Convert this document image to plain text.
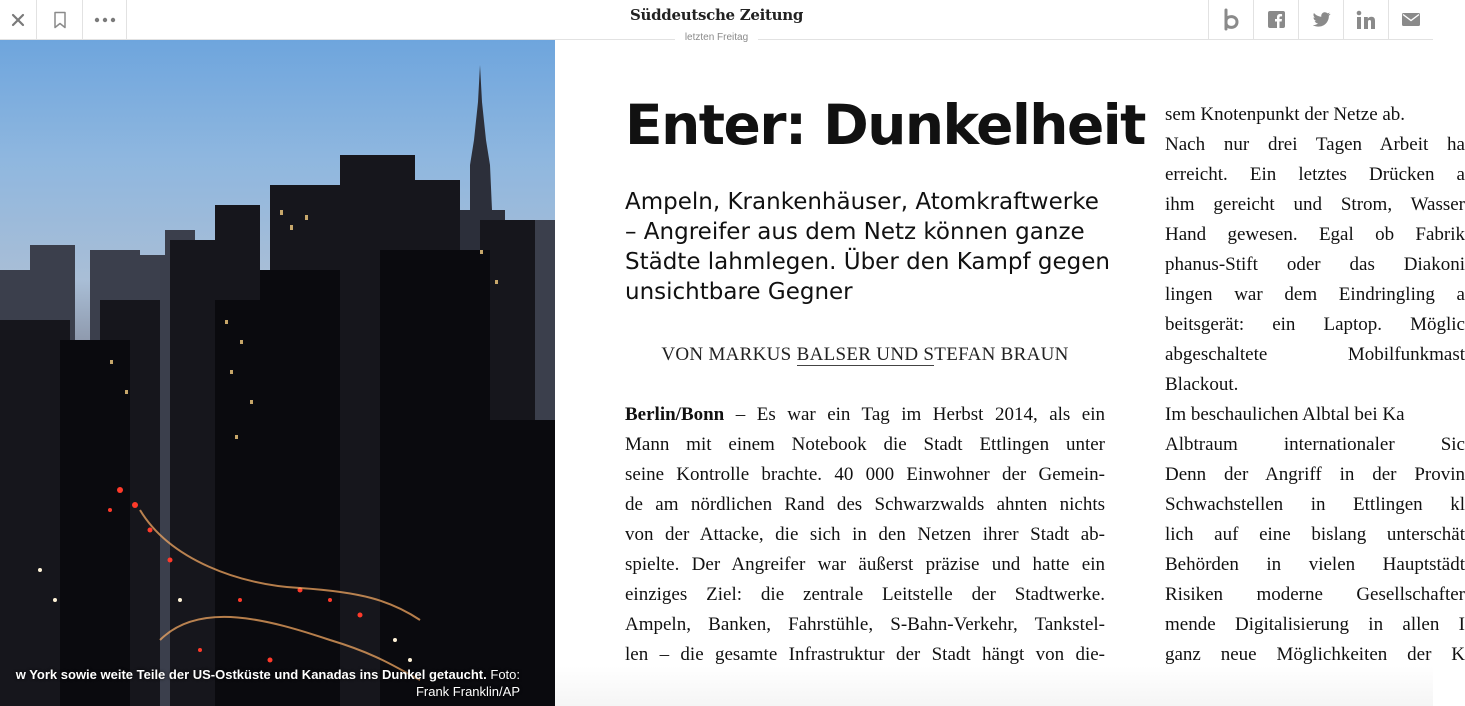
Süddeutsche Zeitung
letzten Freitag
w York sowie weite Teile der US-Ostküste und Kanadas ins Dunkel getaucht. Foto:
Frank Franklin/AP
Enter: Dunkelheit

Ampeln, Krankenhäuser, Atomkraftwerke – Angreifer aus dem Netz können ganze Städte lahmlegen. Über den Kampf gegen unsichtbare Gegner

VON MARKUS BALSER UND STEFAN BRAUN
Berlin/Bonn – Es war ein Tag im Herbst 2014, als ein
Mann mit einem Notebook die Stadt Ettlingen unter
seine Kontrolle brachte. 40 000 Einwohner der Gemein-
de am nördlichen Rand des Schwarzwalds ahnten nichts
von der Attacke, die sich in den Netzen ihrer Stadt ab-
spielte. Der Angreifer war äußerst präzise und hatte ein
einziges Ziel: die zentrale Leitstelle der Stadtwerke.
Ampeln, Banken, Fahrstühle, S-Bahn-Verkehr, Tankstel-
len – die gesamte Infrastruktur der Stadt hängt von die-
sem Knotenpunkt der Netze ab.
Nach nur drei Tagen Arbeit ha
erreicht. Ein letztes Drücken a
ihm gereicht und Strom, Wasser
Hand gewesen. Egal ob Fabrik
phanus-Stift oder das Diakoni
lingen war dem Eindringling a
beitsgerät: ein Laptop. Möglic
abgeschaltete Mobilfunkmast
Blackout.
Im beschaulichen Albtal bei Ka
Albtraum internationaler Sic
Denn der Angriff in der Provin
Schwachstellen in Ettlingen kl
lich auf eine bislang unterschät
Behörden in vielen Hauptstädt
Risiken moderne Gesellschafter
mende Digitalisierung in allen I
ganz neue Möglichkeiten der K
